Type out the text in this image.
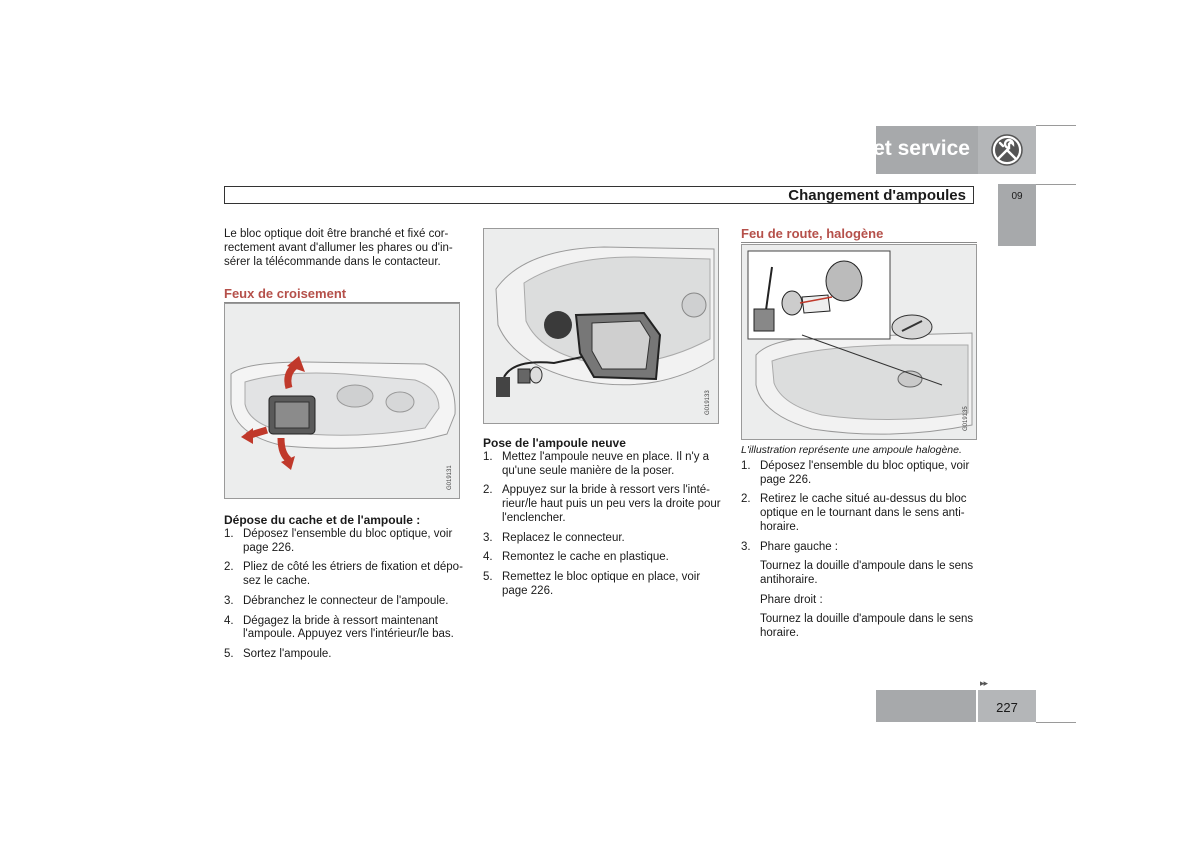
09 Entretien courant de la voiture et service
Changement d'ampoules	09
Le bloc optique doit être branché et fixé cor-
rectement avant d'allumer les phares ou d'in-
sérer la télécommande dans le contacteur.
Feux de croisement
G019131
Dépose du cache et de l'ampoule :
1. Déposez l'ensemble du bloc optique, voir
page 226.
2. Pliez de côté les étriers de fixation et dépo-
sez le cache.
3. Débranchez le connecteur de l'ampoule.
4. Dégagez la bride à ressort maintenant
l'ampoule. Appuyez vers l'intérieur/le bas.
5. Sortez l'ampoule.
G019133
Pose de l'ampoule neuve
1. Mettez l'ampoule neuve en place. Il n'y a
qu'une seule manière de la poser.
2. Appuyez sur la bride à ressort vers l'inté-
rieur/le haut puis un peu vers la droite pour
l'enclencher.
3. Replacez le connecteur.
4. Remontez le cache en plastique.
5. Remettez le bloc optique en place, voir
page 226.
Feu de route, halogène
G019135
L'illustration représente une ampoule halogène.
1. Déposez l'ensemble du bloc optique, voir
page 226.
2. Retirez le cache situé au-dessus du bloc
optique en le tournant dans le sens anti-
horaire.
3. Phare gauche :
Tournez la douille d'ampoule dans le sens
antihoraire.
Phare droit :
Tournez la douille d'ampoule dans le sens
horaire.
▸▸
227
